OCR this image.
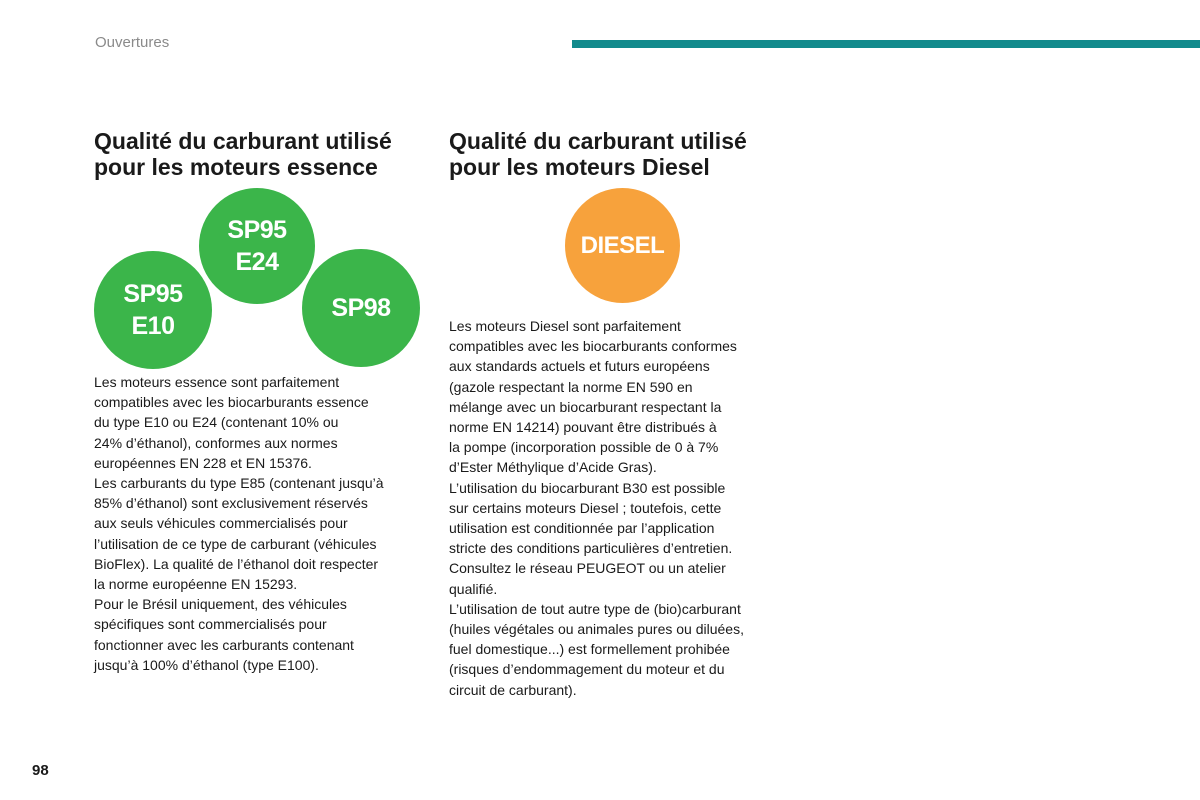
Ouvertures
Qualité du carburant utilisé
pour les moteurs essence
SP95
E10
SP95
E24
SP98

Les moteurs essence sont parfaitement
compatibles avec les biocarburants essence
du type E10 ou E24 (contenant 10% ou
24% d’éthanol), conformes aux normes
européennes EN 228 et EN 15376.
Les carburants du type E85 (contenant jusqu’à
85% d’éthanol) sont exclusivement réservés
aux seuls véhicules commercialisés pour
l’utilisation de ce type de carburant (véhicules
BioFlex). La qualité de l’éthanol doit respecter
la norme européenne EN 15293.
Pour le Brésil uniquement, des véhicules
spécifiques sont commercialisés pour
fonctionner avec les carburants contenant
jusqu’à 100% d’éthanol (type E100).

Qualité du carburant utilisé
pour les moteurs Diesel
DIESEL

Les moteurs Diesel sont parfaitement
compatibles avec les biocarburants conformes
aux standards actuels et futurs européens
(gazole respectant la norme EN 590 en
mélange avec un biocarburant respectant la
norme EN 14214) pouvant être distribués à
la pompe (incorporation possible de 0 à 7%
d’Ester Méthylique d’Acide Gras).
L’utilisation du biocarburant B30 est possible
sur certains moteurs Diesel ; toutefois, cette
utilisation est conditionnée par l’application
stricte des conditions particulières d’entretien.
Consultez le réseau PEUGEOT ou un atelier
qualifié.
L’utilisation de tout autre type de (bio)carburant
(huiles végétales ou animales pures ou diluées,
fuel domestique...) est formellement prohibée
(risques d’endommagement du moteur et du
circuit de carburant).

98
